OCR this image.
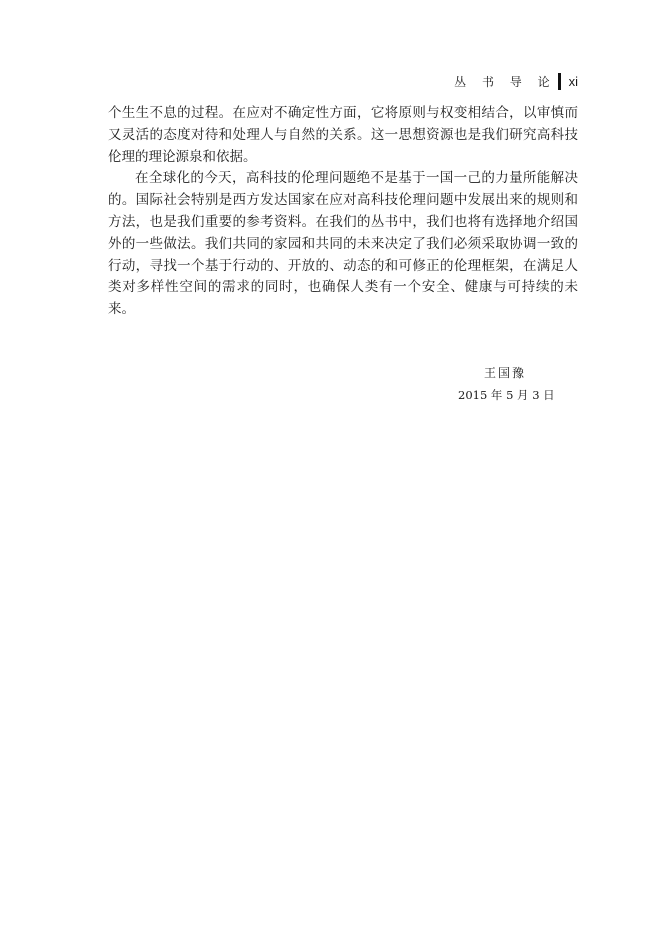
丛 书 导 论 xi

个生生不息的过程。在应对不确定性方面，它将原则与权变相结合，以审慎而又灵活的态度对待和处理人与自然的关系。这一思想资源也是我们研究高科技伦理的理论源泉和依据。

在全球化的今天，高科技的伦理问题绝不是基于一国一己的力量所能解决的。国际社会特别是西方发达国家在应对高科技伦理问题中发展出来的规则和方法，也是我们重要的参考资料。在我们的丛书中，我们也将有选择地介绍国外的一些做法。我们共同的家园和共同的未来决定了我们必须采取协调一致的行动，寻找一个基于行动的、开放的、动态的和可修正的伦理框架，在满足人类对多样性空间的需求的同时，也确保人类有一个安全、健康与可持续的未来。

王国豫
2015 年 5 月 3 日
